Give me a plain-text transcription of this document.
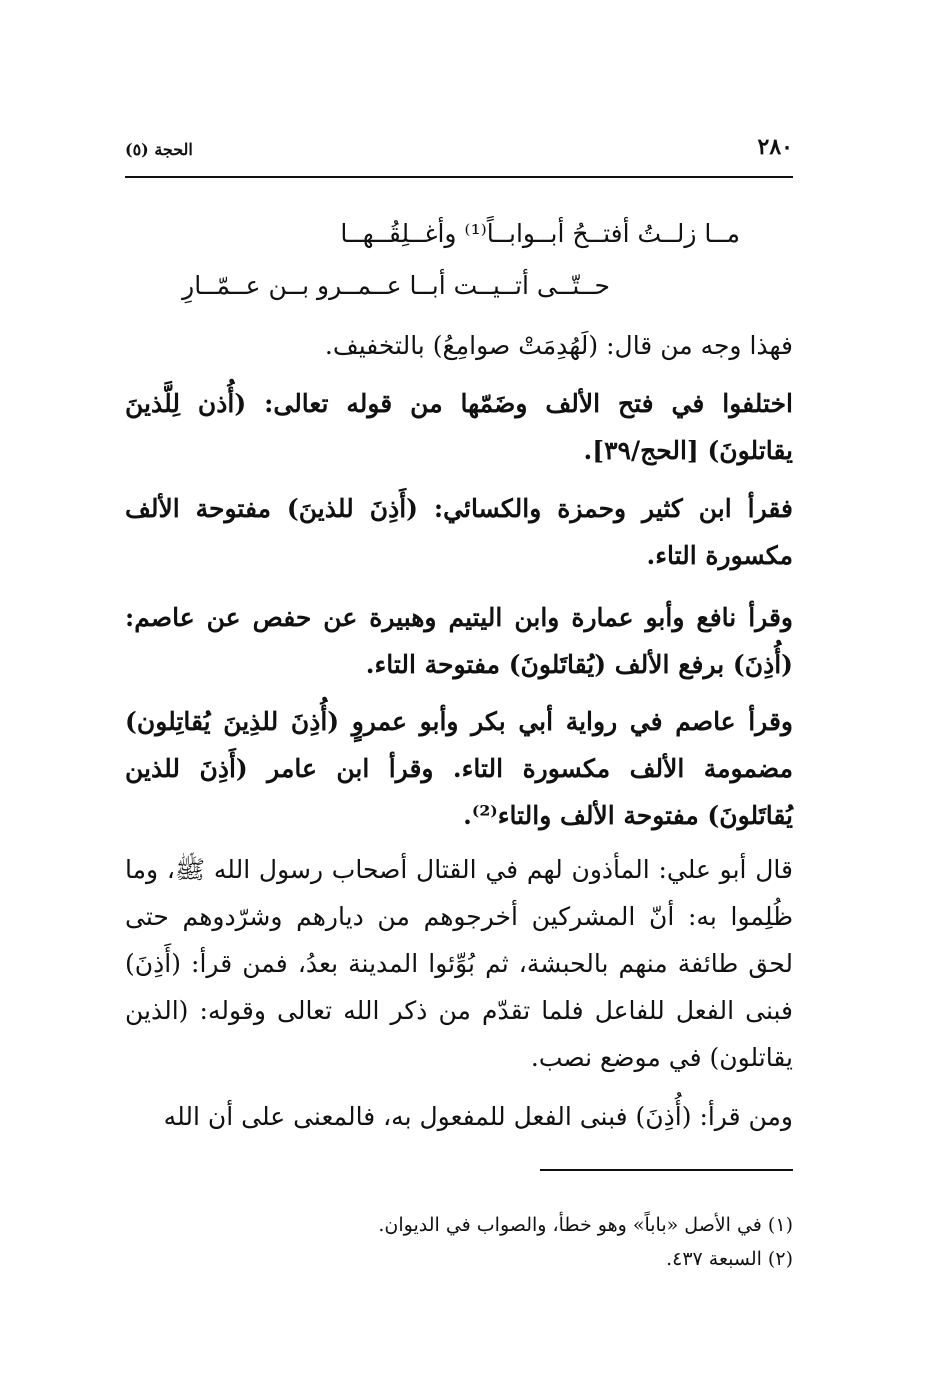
٢٨٠
الحجة (٥)
مــا زلــتُ أفتــحُ أبــوابــاً⁽¹⁾ وأغــلِقُــهــا
حــتّــى أتــيــت أبــا عــمــرو بــن عــمّــارِ
فهذا وجه من قال: (لَهُدِمَتْ صوامِعُ) بالتخفيف.
اختلفوا في فتح الألف وضَمّها من قوله تعالى: (أُذن لِلَّذينَ يقاتلونَ) [الحج/٣٩].
فقرأ ابن كثير وحمزة والكسائي: (أَذِنَ للذينَ) مفتوحة الألف مكسورة التاء.
وقرأ نافع وأبو عمارة وابن اليتيم وهبيرة عن حفص عن عاصم: (أُذِنَ) برفع الألف (يُقاتَلونَ) مفتوحة التاء.
وقرأ عاصم في رواية أبي بكر وأبو عمروٍ (أُذِنَ للذِينَ يُقاتِلون) مضمومة الألف مكسورة التاء. وقرأ ابن عامر (أَذِنَ للذين يُقاتَلونَ) مفتوحة الألف والتاء⁽²⁾.
قال أبو علي: المأذون لهم في القتال أصحاب رسول الله ﷺ، وما ظُلِموا به: أنّ المشركين أخرجوهم من ديارهم وشرّدوهم حتى لحق طائفة منهم بالحبشة، ثم بُوِّئوا المدينة بعدُ، فمن قرأ: (أَذِنَ) فبنى الفعل للفاعل فلما تقدّم من ذكر الله تعالى وقوله: (الذين يقاتلون) في موضع نصب.
ومن قرأ: (أُذِنَ) فبنى الفعل للمفعول به، فالمعنى على أن الله
(١) في الأصل «باباً» وهو خطأ، والصواب في الديوان.
(٢) السبعة ٤٣٧.
